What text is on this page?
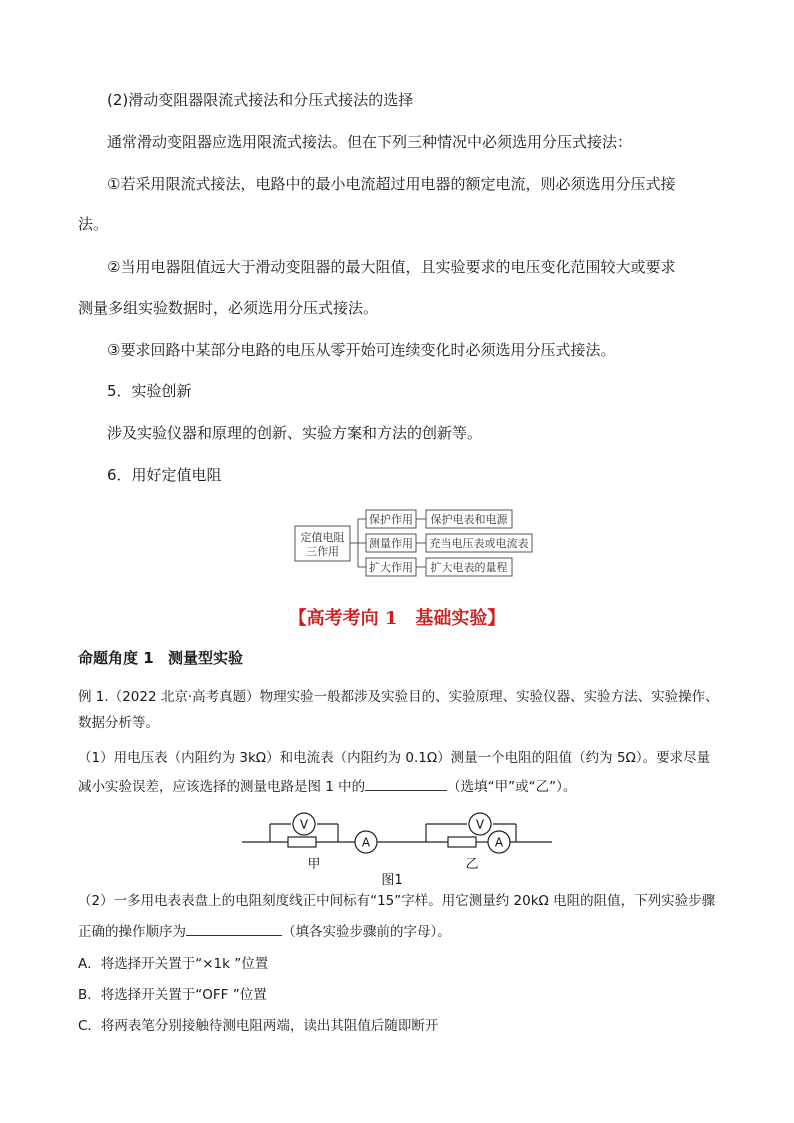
(2)滑动变阻器限流式接法和分压式接法的选择

通常滑动变阻器应选用限流式接法。但在下列三种情况中必须选用分压式接法：

①若采用限流式接法，电路中的最小电流超过用电器的额定电流，则必须选用分压式接

法。

②当用电器阻值远大于滑动变阻器的最大阻值，且实验要求的电压变化范围较大或要求

测量多组实验数据时，必须选用分压式接法。

③要求回路中某部分电路的电压从零开始可连续变化时必须选用分压式接法。

5．实验创新

涉及实验仪器和原理的创新、实验方案和方法的创新等。

6．用好定值电阻

定值电阻
三作用
保护作用
测量作用
扩大作用
保护电表和电源
充当电压表或电流表
扩大电表的量程
【高考考向 1　基础实验】

命题角度 1 测量型实验

例 1.（2022 北京·高考真题）物理实验一般都涉及实验目的、实验原理、实验仪器、实验方法、实验操作、

数据分析等。

（1）用电压表（内阻约为 3kΩ）和电流表（内阻约为 0.1Ω）测量一个电阻的阻值（约为 5Ω）。要求尽量

减小实验误差，应该选择的测量电路是图 1 中的	（选填“甲”或“乙”）。

V
A
V
A
甲	乙
图1

（2）一多用电表表盘上的电阻刻度线正中间标有“15”字样。用它测量约 20kΩ 电阻的阻值，下列实验步骤

正确的操作顺序为	（填各实验步骤前的字母）。

A．将选择开关置于“×1k ”位置

B．将选择开关置于“OFF ”位置

C．将两表笔分别接触待测电阻两端，读出其阻值后随即断开
